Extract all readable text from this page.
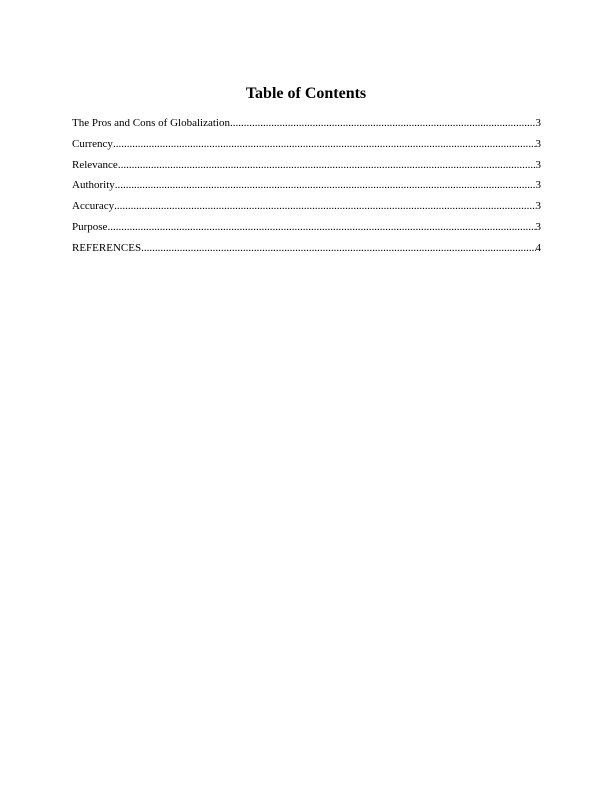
Table of Contents
The Pros and Cons of Globalization .....	3
Currency .....	3
Relevance .....	3
Authority .....	3
Accuracy .....	3
Purpose .....	3
REFERENCES .....	4
